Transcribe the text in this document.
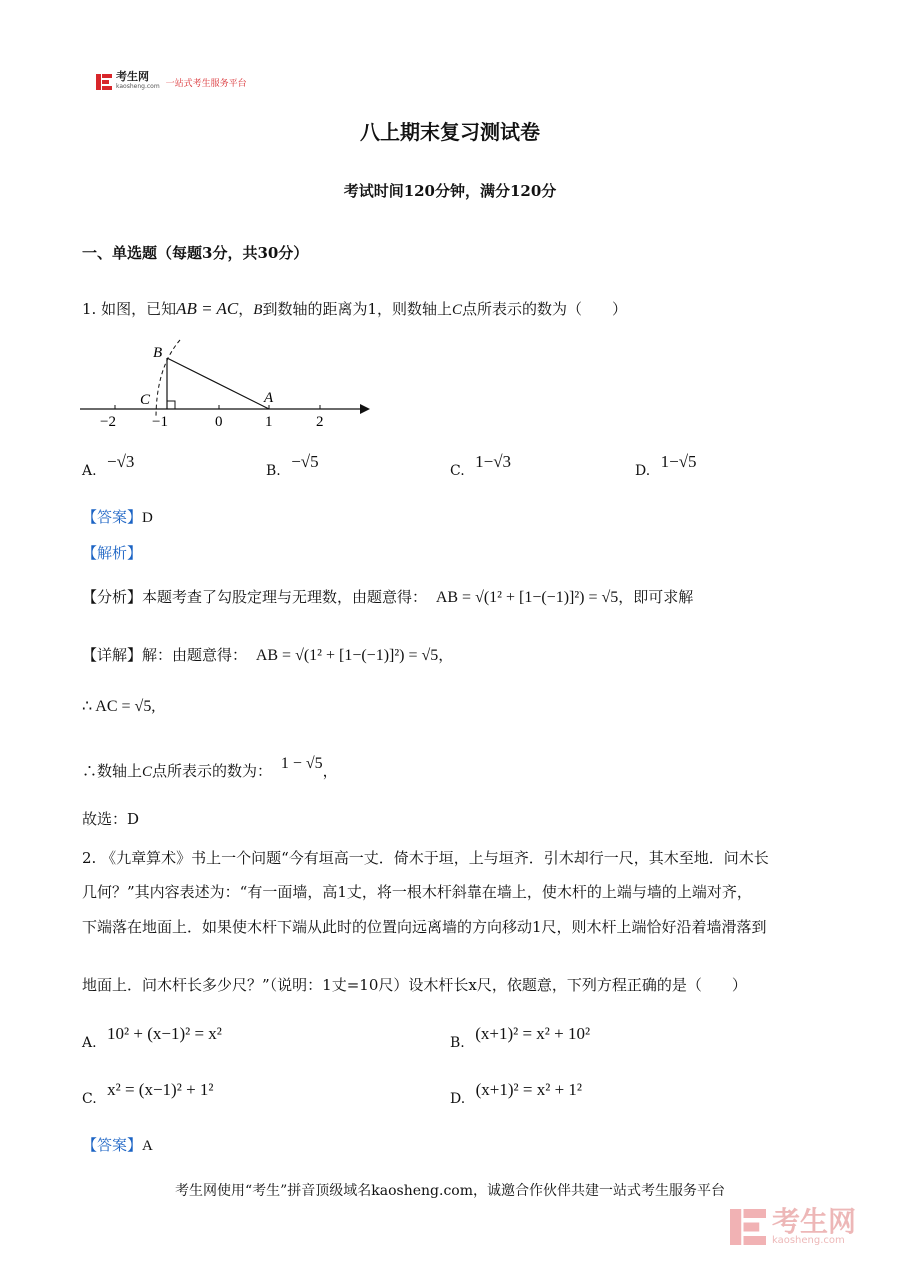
考生网
kaosheng.com 一站式考生服务平台
八上期末复习测试卷
考试时间120分钟，满分120分
一、单选题（每题3分，共30分）
1. 如图，已知AB = AC，B到数轴的距离为1，则数轴上C点所表示的数为（　　）
B
C	A
−2 −1	0	1	2
A. −√3	B. −√5	C. 1−√3	D. 1−√5
【答案】D
【解析】
【分析】本题考查了勾股定理与无理数，由题意得： AB = √(1² + [1−(−1)]²) = √5，即可求解
【详解】解：由题意得： AB = √(1² + [1−(−1)]²) = √5，
∴ AC = √5,
∴数轴上C点所表示的数为： 1 − √5，
故选：D
2. 《九章算术》书上一个问题“今有垣高一丈．倚木于垣，上与垣齐．引木却行一尺，其木至地．问木长
几何？”其内容表述为：“有一面墙，高1丈，将一根木杆斜靠在墙上，使木杆的上端与墙的上端对齐，
下端落在地面上．如果使木杆下端从此时的位置向远离墙的方向移动1尺，则木杆上端恰好沿着墙滑落到
地面上．问木杆长多少尺？”（说明：1丈=10尺）设木杆长x尺，依题意，下列方程正确的是（　　）
A. 10² + (x−1)² = x²	B. (x+1)² = x² + 10²
C. x² = (x−1)² + 1²	D. (x+1)² = x² + 1²
【答案】A
考生网使用“考生”拼音顶级域名kaosheng.com，诚邀合作伙伴共建一站式考生服务平台
考生网
kaosheng.com
